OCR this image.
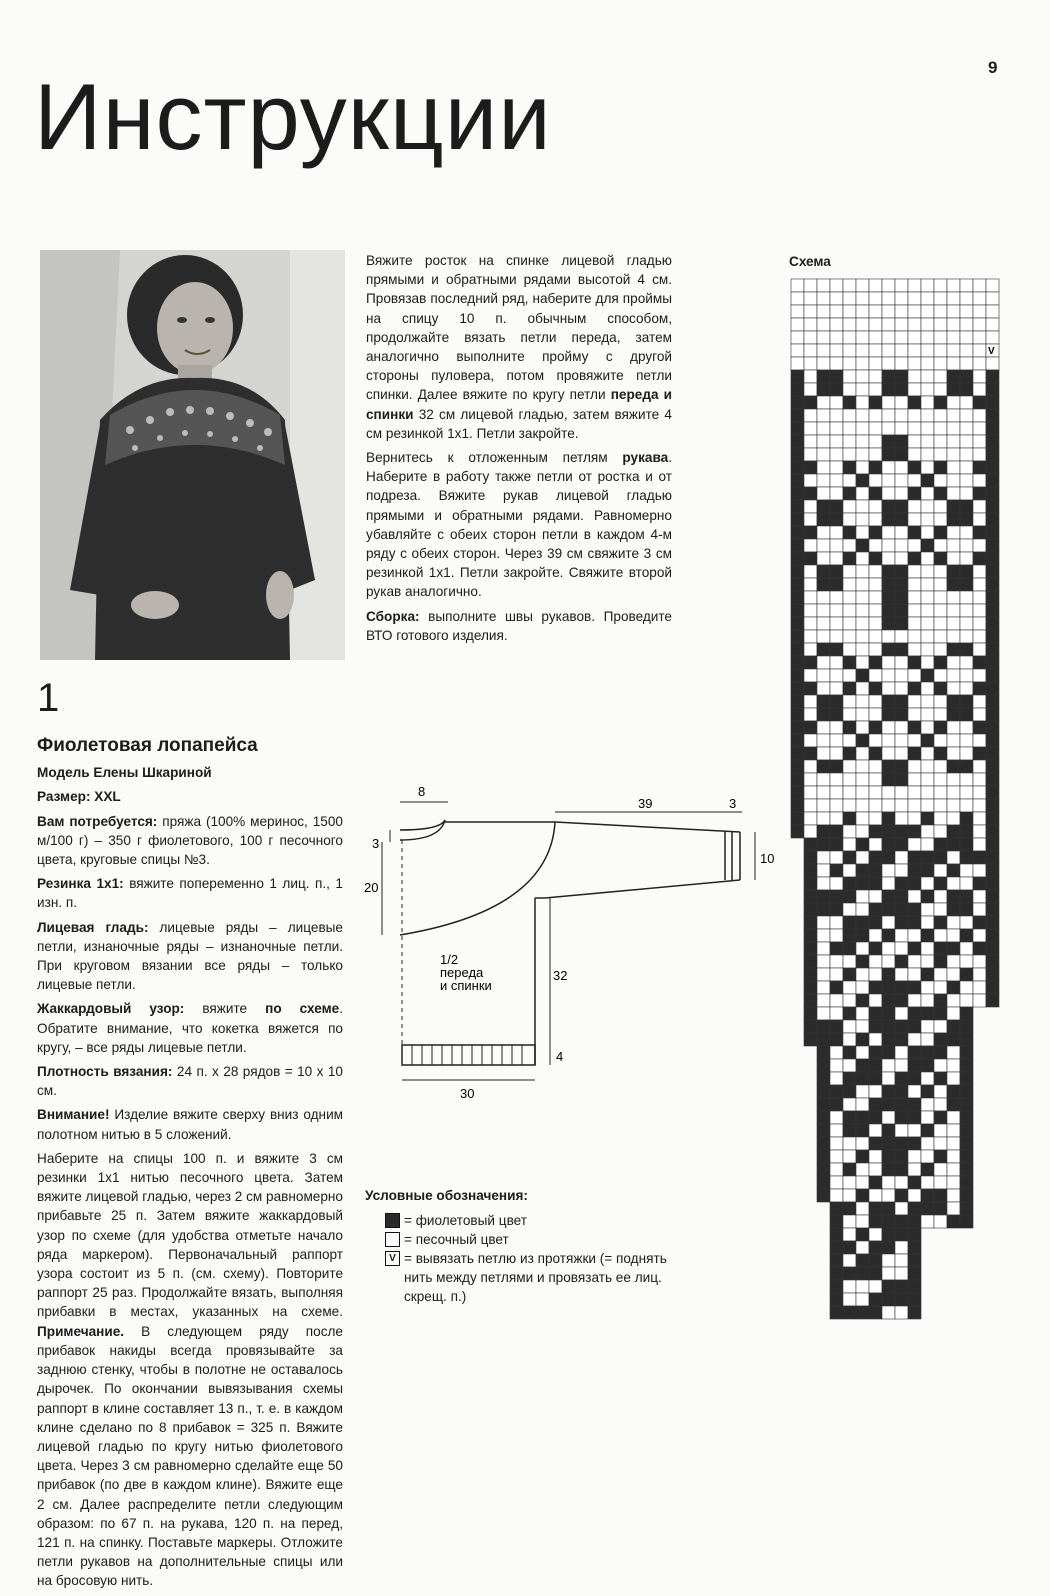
9
Инструкции
1
Фиолетовая лопапейса

Модель Елены Шкариной

Размер: XXL

Вам потребуется: пряжа (100% меринос, 1500 м/100 г) – 350 г фиолетового, 100 г песочного цвета, круговые спицы №3.

Резинка 1х1: вяжите попеременно 1 лиц. п., 1 изн. п.

Лицевая гладь: лицевые ряды – лицевые петли, изнаночные ряды – изнаночные петли. При круговом вязании все ряды – только лицевые петли.

Жаккардовый узор: вяжите по схеме. Обратите внимание, что кокетка вяжется по кругу, – все ряды лицевые петли.

Плотность вязания: 24 п. х 28 рядов = 10 х 10 см.

Внимание! Изделие вяжите сверху вниз одним полотном нитью в 5 сложений.

Наберите на спицы 100 п. и вяжите 3 см резинки 1х1 нитью песочного цвета. Затем вяжите лицевой гладью, через 2 см равномерно прибавьте 25 п. Затем вяжите жаккардовый узор по схеме (для удобства отметьте начало ряда маркером). Первоначальный раппорт узора состоит из 5 п. (см. схему). Повторите раппорт 25 раз. Продолжайте вязать, выполняя прибавки в местах, указанных на схеме. Примечание. В следующем ряду после прибавок накиды всегда провязывайте за заднюю стенку, чтобы в полотне не оставалось дырочек. По окончании вывязывания схемы раппорт в клине составляет 13 п., т. е. в каждом клине сделано по 8 прибавок = 325 п. Вяжите лицевой гладью по кругу нитью фиолетового цвета. Через 3 см равномерно сделайте еще 50 прибавок (по две в каждом клине). Вяжите еще 2 см. Далее распределите петли следующим образом: по 67 п. на рукава, 120 п. на перед, 121 п. на спинку. Поставьте маркеры. Отложите петли рукавов на дополнительные спицы или на бросовую нить.

Вяжите росток на спинке лицевой гладью прямыми и обратными рядами высотой 4 см. Провязав последний ряд, наберите для проймы на спицу 10 п. обычным способом, продолжайте вязать петли переда, затем аналогично выполните пройму с другой стороны пуловера, потом провяжите петли спинки. Далее вяжите по кругу петли переда и спинки 32 см лицевой гладью, затем вяжите 4 см резинкой 1х1. Петли закройте.

Вернитесь к отложенным петлям рукава. Наберите в работу также петли от ростка и от подреза. Вяжите рукав лицевой гладью прямыми и обратными рядами. Равномерно убавляйте с обеих сторон петли в каждом 4-м ряду с обеих сторон. Через 39 см свяжите 3 см резинкой 1х1. Петли закройте. Свяжите второй рукав аналогично.

Сборка: выполните швы рукавов. Проведите ВТО готового изделия.

8
39	3
3
10
20
32
4
30
1/2
переда
и спинки
Условные обозначения:
= фиолетовый цвет
= песочный цвет
V = вывязать петлю из протяжки (= поднять нить между петлями и провязать ее лиц. скрещ. п.)
Схема
V
